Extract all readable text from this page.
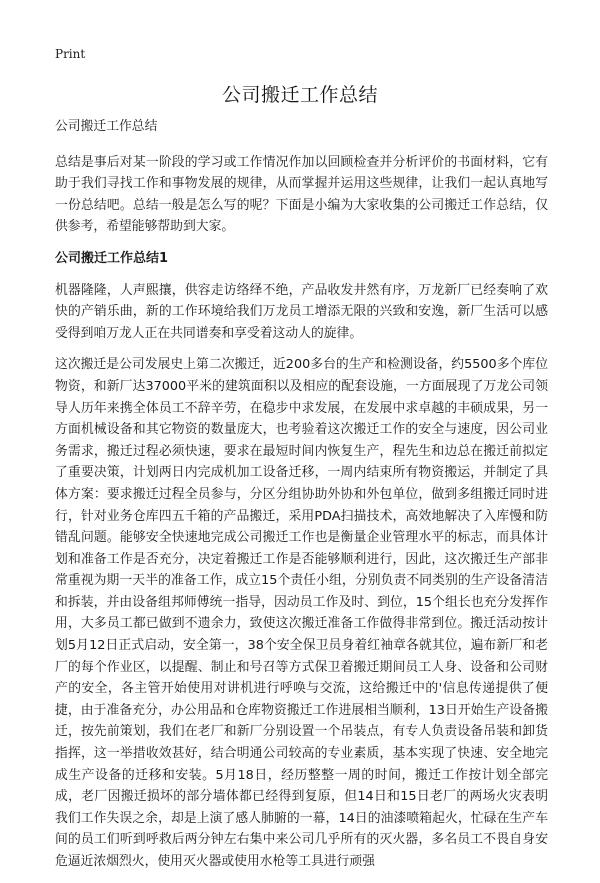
Print
公司搬迁工作总结

公司搬迁工作总结

总结是事后对某一阶段的学习或工作情况作加以回顾检查并分析评价的书面材料，它有助于我们寻找工作和事物发展的规律，从而掌握并运用这些规律，让我们一起认真地写一份总结吧。总结一般是怎么写的呢？下面是小编为大家收集的公司搬迁工作总结，仅供参考，希望能够帮助到大家。

公司搬迁工作总结1

机器隆隆，人声熙攘，供容走访络绎不绝，产品收发井然有序，万龙新厂已经奏响了欢快的产销乐曲，新的工作环境给我们万龙员工增添无限的兴致和安逸，新厂生活可以感受得到咱万龙人正在共同谱奏和享受着这动人的旋律。

这次搬迁是公司发展史上第二次搬迁，近200多台的生产和检测设备，约5500多个库位物资，和新厂达37000平米的建筑面积以及相应的配套设施，一方面展现了万龙公司领导人历年来携全体员工不辞辛劳，在稳步中求发展，在发展中求卓越的丰硕成果，另一方面机械设备和其它物资的数量庞大，也考验着这次搬迁工作的安全与速度，因公司业务需求，搬迁过程必须快速，要求在最短时间内恢复生产，程先生和边总在搬迁前拟定了重要决策，计划两日内完成机加工设备迁移，一周内结束所有物资搬运，并制定了具体方案：要求搬迁过程全员参与，分区分组协助外协和外包单位，做到多组搬迁同时进行，针对业务仓库四五千箱的产品搬迁，采用PDA扫描技术，高效地解决了入库慢和防错乱问题。能够安全快速地完成公司搬迁工作也是衡量企业管理水平的标志，而具体计划和准备工作是否充分，决定着搬迁工作是否能够顺利进行，因此，这次搬迁生产部非常重视为期一天半的准备工作，成立15个责任小组，分别负责不同类别的生产设备清洁和拆装，并由设备组邦师傅统一指导，因动员工作及时、到位，15个组长也充分发挥作用，大多员工都已做到不遗余力，致使这次搬迁准备工作做得非常到位。搬迁活动按计划5月12日正式启动，安全第一，38个安全保卫员身着红袖章各就其位，遍布新厂和老厂的每个作业区，以提醒、制止和号召等方式保卫着搬迁期间员工人身、设备和公司财产的安全，各主管开始使用对讲机进行呼唤与交流，这给搬迁中的'信息传递提供了便捷，由于准备充分，办公用品和仓库物资搬迁工作进展相当顺利，13日开始生产设备搬迁，按先前策划，我们在老厂和新厂分别设置一个吊装点，有专人负责设备吊装和卸货指挥，这一举措收效甚好，结合明通公司较高的专业素质，基本实现了快速、安全地完成生产设备的迁移和安装。5月18日，经历整整一周的时间，搬迁工作按计划全部完成，老厂因搬迁损坏的部分墙体都已经得到复原，但14日和15日老厂的两场火灾表明我们工作失误之余，却是上演了感人肺腑的一幕，14日的油漆喷箱起火，忙碌在生产车间的员工们听到呼救后两分钟左右集中来公司几乎所有的灭火器，多名员工不畏自身安危逼近浓烟烈火，使用灭火器或使用水枪等工具进行顽强
